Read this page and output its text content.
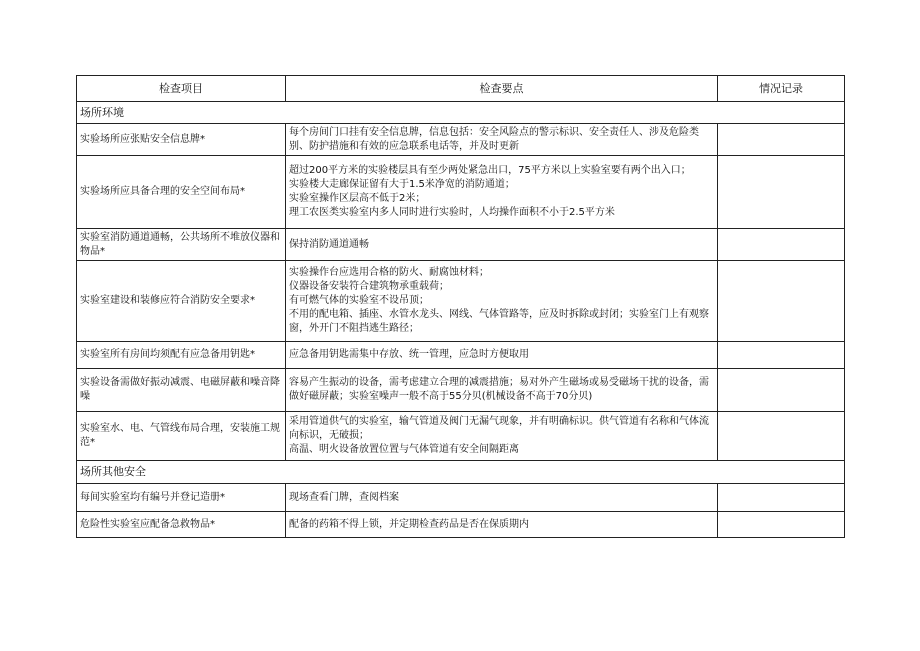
检查项目	检查要点	情况记录
场所环境		
实验场所应张贴安全信息牌*	每个房间门口挂有安全信息牌，信息包括：安全风险点的警示标识、安全责任人、涉及危险类别、防护措施和有效的应急联系电话等，并及时更新	

实验场所应具备合理的安全空间布局*	超过200平方米的实验楼层具有至少两处紧急出口，75平方米以上实验室要有两个出入口；
实验楼大走廊保证留有大于1.5米净宽的消防通道；
实验室操作区层高不低于2米；
理工农医类实验室内多人同时进行实验时，人均操作面积不小于2.5平方米	

实验室消防通道通畅，公共场所不堆放仪器和物品*	保持消防通道通畅	

实验室建设和装修应符合消防安全要求*	实验操作台应选用合格的防火、耐腐蚀材料；
仪器设备安装符合建筑物承重载荷；
有可燃气体的实验室不设吊顶；
不用的配电箱、插座、水管水龙头、网线、气体管路等，应及时拆除或封闭；实验室门上有观察窗，外开门不阻挡逃生路径；	

实验室所有房间均须配有应急备用钥匙*	应急备用钥匙需集中存放、统一管理，应急时方便取用	

实验设备需做好振动减震、电磁屏蔽和噪音降噪	容易产生振动的设备，需考虑建立合理的减震措施；易对外产生磁场或易受磁场干扰的设备，需做好磁屏蔽；实验室噪声一般不高于55分贝(机械设备不高于70分贝)	

实验室水、电、气管线布局合理，安装施工规范*	采用管道供气的实验室，输气管道及阀门无漏气现象，并有明确标识。供气管道有名称和气体流向标识，无破损；
高温、明火设备放置位置与气体管道有安全间隔距离	

场所其他安全		
每间实验室均有编号并登记造册*	现场查看门牌，查阅档案	

危险性实验室应配备急救物品*	配备的药箱不得上锁，并定期检查药品是否在保质期内	
